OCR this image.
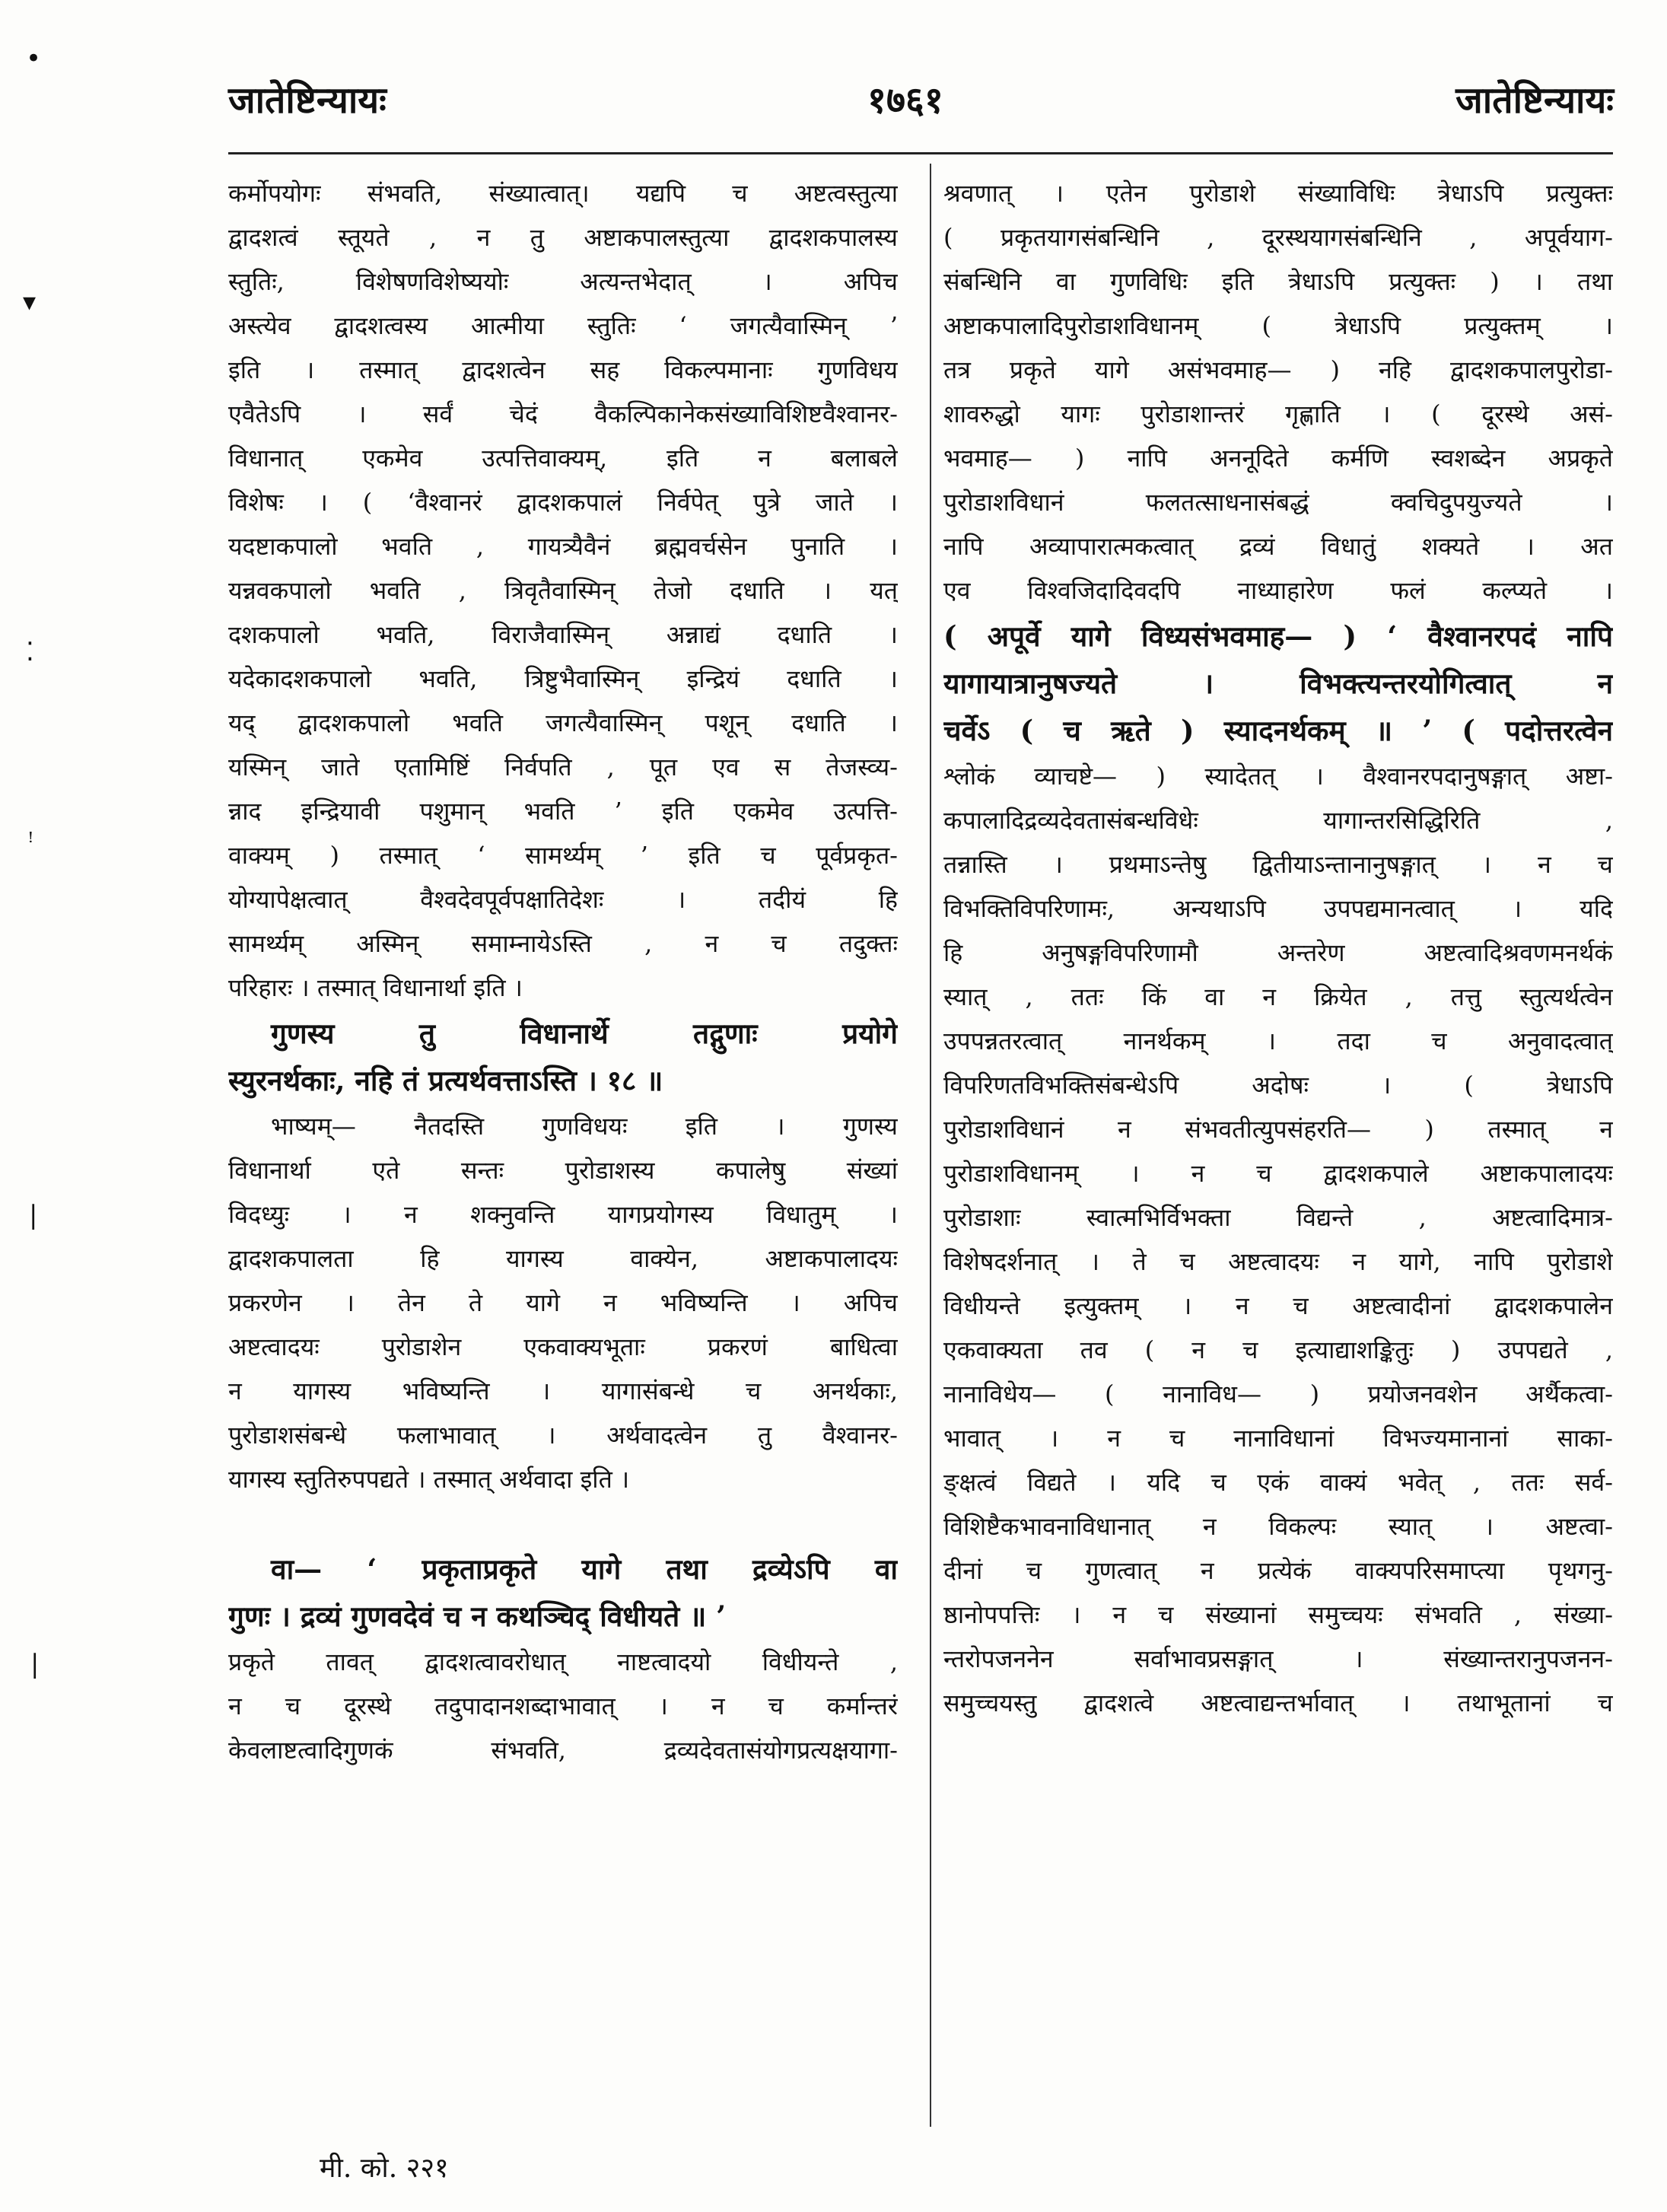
•
▾
⁚
ꜝ
|
|
जातेष्टिन्यायः	१७६१	जातेष्टिन्यायः
कर्मोपयोगः संभवति, संख्यात्वात्। यद्यपि च अष्टत्वस्तुत्या
द्वादशत्वं स्तूयते , न तु अष्टाकपालस्तुत्या द्वादशकपालस्य
स्तुतिः, विशेषणविशेष्ययोः अत्यन्तभेदात् । अपिच
अस्त्येव द्वादशत्वस्य आत्मीया स्तुतिः ‘ जगत्यैवास्मिन् ’
इति । तस्मात् द्वादशत्वेन सह विकल्पमानाः गुणविधय
एवैतेऽपि । सर्वं चेदं वैकल्पिकानेकसंख्याविशिष्टवैश्वानर-
विधानात् एकमेव उत्पत्तिवाक्यम्, इति न बलाबले
विशेषः । ( ‘वैश्वानरं द्वादशकपालं निर्वपेत् पुत्रे जाते ।
यदष्टाकपालो भवति , गायत्र्यैवैनं ब्रह्मवर्चसेन पुनाति ।
यन्नवकपालो भवति , त्रिवृतैवास्मिन् तेजो दधाति । यत्
दशकपालो भवति, विराजैवास्मिन् अन्नाद्यं दधाति ।
यदेकादशकपालो भवति, त्रिष्टुभैवास्मिन् इन्द्रियं दधाति ।
यद् द्वादशकपालो भवति जगत्यैवास्मिन् पशून् दधाति ।
यस्मिन् जाते एतामिष्टिं निर्वपति , पूत एव स तेजस्व्य-
न्नाद इन्द्रियावी पशुमान् भवति ’ इति एकमेव उत्पत्ति-
वाक्यम् ) तस्मात् ‘ सामर्थ्यम् ’ इति च पूर्वप्रकृत-
योग्यापेक्षत्वात् वैश्वदेवपूर्वपक्षातिदेशः । तदीयं हि
सामर्थ्यम् अस्मिन् समाम्नायेऽस्ति , न च तदुक्तः
परिहारः । तस्मात् विधानार्था इति ।
गुणस्य तु विधानार्थे तद्गुणाः प्रयोगे
स्युरनर्थकाः, नहि तं प्रत्यर्थवत्ताऽस्ति । १८ ॥
भाष्यम्— नैतदस्ति गुणविधयः इति । गुणस्य
विधानार्था एते सन्तः पुरोडाशस्य कपालेषु संख्यां
विदध्युः । न शक्नुवन्ति यागप्रयोगस्य विधातुम् ।
द्वादशकपालता हि यागस्य वाक्येन, अष्टाकपालादयः
प्रकरणेन । तेन ते यागे न भविष्यन्ति । अपिच
अष्टत्वादयः पुरोडाशेन एकवाक्यभूताः प्रकरणं बाधित्वा
न यागस्य भविष्यन्ति । यागासंबन्धे च अनर्थकाः,
पुरोडाशसंबन्धे फलाभावात् । अर्थवादत्वेन तु वैश्वानर-
यागस्य स्तुतिरुपपद्यते । तस्मात् अर्थवादा इति ।
वा— ‘ प्रकृताप्रकृते यागे तथा द्रव्येऽपि वा
गुणः । द्रव्यं गुणवदेवं च न कथञ्चिद् विधीयते ॥ ’
प्रकृते तावत् द्वादशत्वावरोधात् नाष्टत्वादयो विधीयन्ते ,
न च दूरस्थे तदुपादानशब्दाभावात् । न च कर्मान्तरं
केवलाष्टत्वादिगुणकं संभवति, द्रव्यदेवतासंयोगप्रत्यक्षयागा-
श्रवणात् । एतेन पुरोडाशे संख्याविधिः त्रेधाऽपि प्रत्युक्तः
( प्रकृतयागसंबन्धिनि , दूरस्थयागसंबन्धिनि , अपूर्वयाग-
संबन्धिनि वा गुणविधिः इति त्रेधाऽपि प्रत्युक्तः ) । तथा
अष्टाकपालादिपुरोडाशविधानम् ( त्रेधाऽपि प्रत्युक्तम् ।
तत्र प्रकृते यागे असंभवमाह— ) नहि द्वादशकपालपुरोडा-
शावरुद्धो यागः पुरोडाशान्तरं गृह्णाति । ( दूरस्थे असं-
भवमाह— ) नापि अननूदिते कर्मणि स्वशब्देन अप्रकृते
पुरोडाशविधानं फलतत्साधनासंबद्धं क्वचिदुपयुज्यते ।
नापि अव्यापारात्मकत्वात् द्रव्यं विधातुं शक्यते । अत
एव विश्वजिदादिवदपि नाध्याहारेण फलं कल्प्यते ।
( अपूर्वे यागे विध्यसंभवमाह— ) ‘ वैश्वानरपदं नापि
यागायात्रानुषज्यते । विभक्त्यन्तरयोगित्वात् न
चर्वेऽ ( च ऋते ) स्यादनर्थकम् ॥ ’ ( पदोत्तरत्वेन
श्लोकं व्याचष्टे— ) स्यादेतत् । वैश्वानरपदानुषङ्गात् अष्टा-
कपालादिद्रव्यदेवतासंबन्धविधेः यागान्तरसिद्धिरिति ,
तन्नास्ति । प्रथमाऽन्तेषु द्वितीयाऽन्तानानुषङ्गात् । न च
विभक्तिविपरिणामः, अन्यथाऽपि उपपद्यमानत्वात् । यदि
हि अनुषङ्गविपरिणामौ अन्तरेण अष्टत्वादिश्रवणमनर्थकं
स्यात् , ततः किं वा न क्रियेत , तत्तु स्तुत्यर्थत्वेन
उपपन्नतरत्वात् नानर्थकम् । तदा च अनुवादत्वात्
विपरिणतविभक्तिसंबन्धेऽपि अदोषः । ( त्रेधाऽपि
पुरोडाशविधानं न संभवतीत्युपसंहरति— ) तस्मात् न
पुरोडाशविधानम् । न च द्वादशकपाले अष्टाकपालादयः
पुरोडाशाः स्वात्मभिर्विभक्ता विद्यन्ते , अष्टत्वादिमात्र-
विशेषदर्शनात् । ते च अष्टत्वादयः न यागे, नापि पुरोडाशे
विधीयन्ते इत्युक्तम् । न च अष्टत्वादीनां द्वादशकपालेन
एकवाक्यता तव ( न च इत्याद्याशङ्कितुः ) उपपद्यते ,
नानाविधेय— ( नानाविध— ) प्रयोजनवशेन अर्थैकत्वा-
भावात् । न च नानाविधानां विभज्यमानानां साका-
ङ्क्षत्वं विद्यते । यदि च एकं वाक्यं भवेत् , ततः सर्व-
विशिष्टैकभावनाविधानात् न विकल्पः स्यात् । अष्टत्वा-
दीनां च गुणत्वात् न प्रत्येकं वाक्यपरिसमाप्त्या पृथगनु-
ष्ठानोपपत्तिः । न च संख्यानां समुच्चयः संभवति , संख्या-
न्तरोपजननेन सर्वाभावप्रसङ्गात् । संख्यान्तरानुपजनन-
समुच्चयस्तु द्वादशत्वे अष्टत्वाद्यन्तर्भावात् । तथाभूतानां च
मी. को. २२१
